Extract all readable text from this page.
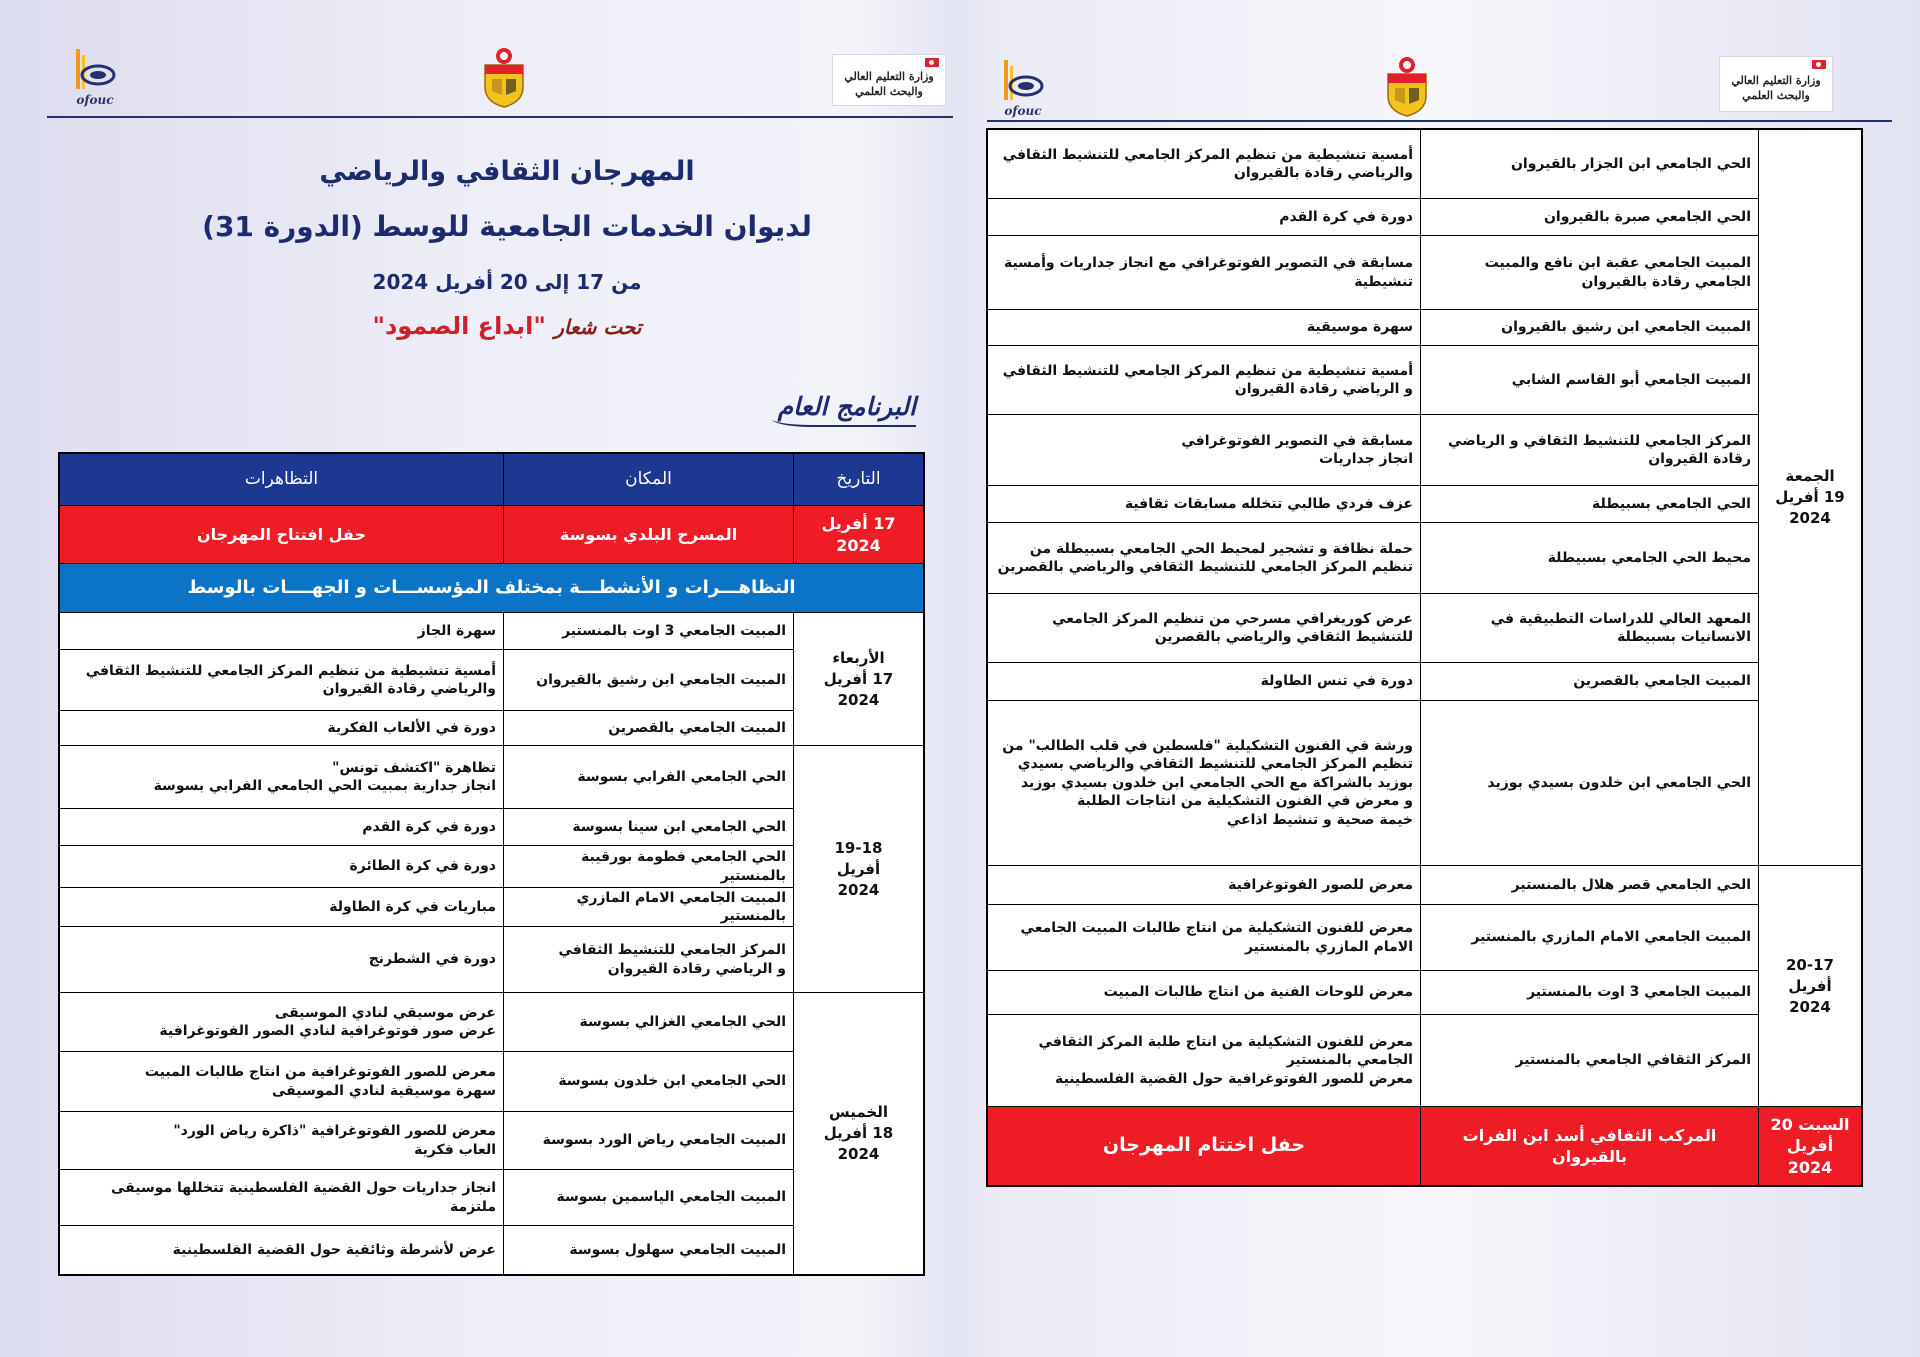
ofouc
وزارة التعليم العالي
والبحث العلمي
المهرجان الثقافي والرياضي
لديوان الخدمات الجامعية للوسط (الدورة 31)
من 17 إلى 20 أفريل 2024
تحت شعار "ابداع الصمود"
البرنامج العام
التاريخ
المكان
التظاهرات
17 أفريل 2024
المسرح البلدي بسوسة
حفل افتتاح المهرجان
التظاهـــرات و الأنشطـــة بمختلف المؤسســـات و الجهــــات بالوسط
المبيت الجامعي 3 اوت بالمنستير
سهرة الجاز
المبيت الجامعي ابن رشيق بالقيروان
أمسية تنشيطية من تنظيم المركز الجامعي للتنشيط الثقافي والرياضي رقادة القيروان
المبيت الجامعي بالقصرين
دورة في الألعاب الفكرية
الأربعاء
17 أفريل
2024
الحي الجامعي الفرابي بسوسة
تظاهرة "اكتشف تونس"
انجاز جدارية بمبيت الحي الجامعي الفرابي بسوسة
الحي الجامعي ابن سينا بسوسة
دورة في كرة القدم
الحي الجامعي فطومة بورقيبة بالمنستير
دورة في كرة الطائرة
المبيت الجامعي الامام المازري بالمنستير
مباريات في كرة الطاولة
المركز الجامعي للتنشيط الثقافي
و الرياضي رقادة القيروان
دورة في الشطرنج
19-18
أفريل
2024
الحي الجامعي الغزالي بسوسة
عرض موسيقي لنادي الموسيقى
عرض صور فوتوغرافية لنادي الصور الفوتوغرافية
الحي الجامعي ابن خلدون بسوسة
معرض للصور الفوتوغرافية من انتاج طالبات المبيت
سهرة موسيقية لنادي الموسيقى
المبيت الجامعي رياض الورد بسوسة
معرض للصور الفوتوغرافية "ذاكرة رياض الورد"
العاب فكرية
المبيت الجامعي الياسمين بسوسة
انجاز جداريات حول القضية الفلسطينية تتخللها موسيقى ملتزمة
المبيت الجامعي سهلول بسوسة
عرض لأشرطة وثائقية حول القضية الفلسطينية
الخميس
18 أفريل
2024
ofouc
وزارة التعليم العالي
والبحث العلمي
الحي الجامعي ابن الجزار بالقيروان
أمسية تنشيطية من تنظيم المركز الجامعي للتنشيط الثقافي والرياضي رقادة بالقيروان
الحي الجامعي صبرة بالقيروان
دورة في كرة القدم
المبيت الجامعي عقبة ابن نافع والمبيت الجامعي رقادة بالقيروان
مسابقة في التصوير الفوتوغرافي مع انجاز جداريات وأمسية تنشيطية
المبيت الجامعي ابن رشيق بالقيروان
سهرة موسيقية
المبيت الجامعي أبو القاسم الشابي
أمسية تنشيطية من تنظيم المركز الجامعي للتنشيط الثقافي و الرياضي رقادة القيروان
المركز الجامعي للتنشيط الثقافي و الرياضي رقادة القيروان
مسابقة في التصوير الفوتوغرافي
انجاز جداريات
الحي الجامعي بسبيطلة
عزف فردي طالبي تتخلله مسابقات ثقافية
محيط الحي الجامعي بسبيطلة
حملة نظافة و تشجير لمحيط الحي الجامعي بسبيطلة من تنظيم المركز الجامعي للتنشيط الثقافي والرياضي بالقصرين
المعهد العالي للدراسات التطبيقية في الانسانيات بسبيطلة
عرض كوريغرافي مسرحي من تنظيم المركز الجامعي للتنشيط الثقافي والرياضي بالقصرين
المبيت الجامعي بالقصرين
دورة في تنس الطاولة
الحي الجامعي ابن خلدون بسيدي بوزيد
ورشة في الفنون التشكيلية "فلسطين في قلب الطالب" من تنظيم المركز الجامعي للتنشيط الثقافي والرياضي بسيدي بوزيد بالشراكة مع الحي الجامعي ابن خلدون بسيدي بوزيد
و معرض في الفنون التشكيلية من انتاجات الطلبة
خيمة صحية و تنشيط اذاعي
الجمعة
19 أفريل
2024
الحي الجامعي قصر هلال بالمنستير
معرض للصور الفوتوغرافية
المبيت الجامعي الامام المازري بالمنستير
معرض للفنون التشكيلية من انتاج طالبات المبيت الجامعي الامام المازري بالمنستير
المبيت الجامعي 3 اوت بالمنستير
معرض للوحات الفنية من انتاج طالبات المبيت
المركز الثقافي الجامعي بالمنستير
معرض للفنون التشكيلية من انتاج طلبة المركز الثقافي الجامعي بالمنستير
معرض للصور الفوتوغرافية حول القضية الفلسطينية
20-17 أفريل
2024
السبت 20
أفريل 2024
المركب الثقافي أسد ابن الفرات بالقيروان
حفل اختتام المهرجان
